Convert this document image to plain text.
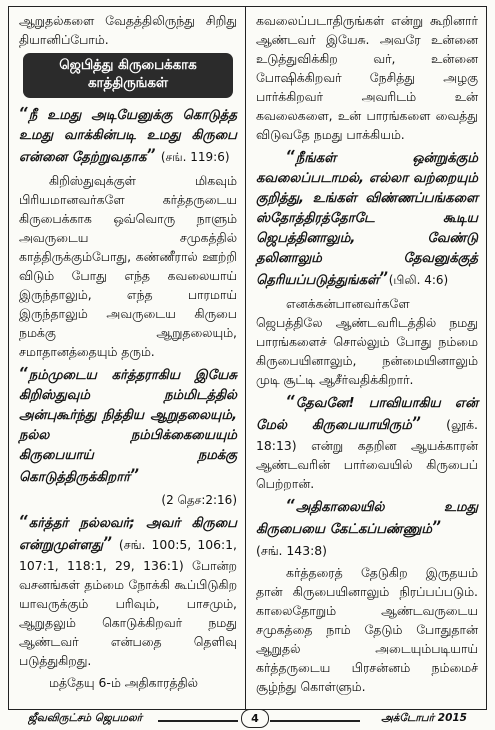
ஆறுதல்களை வேதத்திலிருந்து சிறிது தியானிப்போம்.

ஜெபித்து கிருபைக்காக காத்திருங்கள்
“நீ உமது அடியேனுக்கு கொடுத்த உமது வாக்கின்படி உமது கிருபை என்னை தேற்றுவதாக” (சங். 119:6)

கிறிஸ்துவுக்குள் மிகவும் பிரியமானவர்களே கர்த்தருடைய கிருபைக்காக ஒவ்வொரு நாளும் அவருடைய சமுகத்தில் காத்திருக்கும்போது, கண்ணீரால் ஊற்றி விடும் போது எந்த கவலையாய் இருந்தாலும், எந்த பாரமாய் இருந்தாலும் அவருடைய கிருபை நமக்கு ஆறுதலையும், சமாதானத்தையும் தரும்.

“நம்முடைய கர்த்தராகிய இயேசு கிறிஸ்துவும் நம்மிடத்தில் அன்புகூர்ந்து நித்திய ஆறுதலையும், நல்ல நம்பிக்கையையும் கிருபையாய் நமக்கு கொடுத்திருக்கிறார்”

(2 தெச:2:16)

“கர்த்தர் நல்லவர்; அவர் கிருபை என்றுமுள்ளது” (சங். 100:5, 106:1, 107:1, 118:1, 29, 136:1) போன்ற வசனங்கள் தம்மை நோக்கி கூப்பிடுகிற யாவருக்கும் பரிவும், பாசமும், ஆறுதலும் கொடுக்கிறவர் நமது ஆண்டவர் என்பதை தெளிவு படுத்துகிறது.

மத்தேயு 6-ம் அதிகாரத்தில்

கவலைப்படாதிருங்கள் என்று கூறினார் ஆண்டவர் இயேசு. அவரே உன்னை உடுத்துவிக்கிற வர், உன்னை போஷிக்கிறவர் நேசித்து அழகு பார்க்கிறவர் அவரிடம் உன் கவலைகளை, உன் பாரங்களை வைத்து விடுவதே நமது பாக்கியம்.

“நீங்கள் ஒன்றுக்கும் கவலைப்படாமல், எல்லா வற்றையும் குறித்து, உங்கள் விண்ணப்பங்களை ஸ்தோத்திரத்தோடே கூடிய ஜெபத்தினாலும், வேண்டு தலினாலும் தேவனுக்குத் தெரியப்படுத்துங்கள்”(பிலி. 4:6)

எனக்கன்பானவர்களே ஜெபத்திலே ஆண்டவரிடத்தில் நமது பாரங்களைச் சொல்லும் போது நம்மை கிருபையினாலும், நன்மையினாலும் முடி சூட்டி ஆசீர்வதிக்கிறார்.

“தேவனே! பாவியாகிய என் மேல் கிருபையாயிரும்” (லூக். 18:13) என்று கதறின ஆயக்காரன் ஆண்டவரின் பார்வையில் கிருபைப் பெற்றான்.

“அதிகாலையில் உமது கிருபையை கேட்கப்பண்ணும்”

(சங். 143:8)

கர்த்தரைத் தேடுகிற இருதயம் தான் கிருபையினாலும் நிரப்பப்படும். காலைதோறும் ஆண்டவருடைய சமுகத்தை நாம் தேடும் போதுதான் ஆறுதல் அடையும்படியாய் கர்த்தருடைய பிரசன்னம் நம்மைச் சூழ்ந்து கொள்ளும்.

ஜீவவிருட்சம் ஜெபமலர்	4	அக்டோபர் 2015
